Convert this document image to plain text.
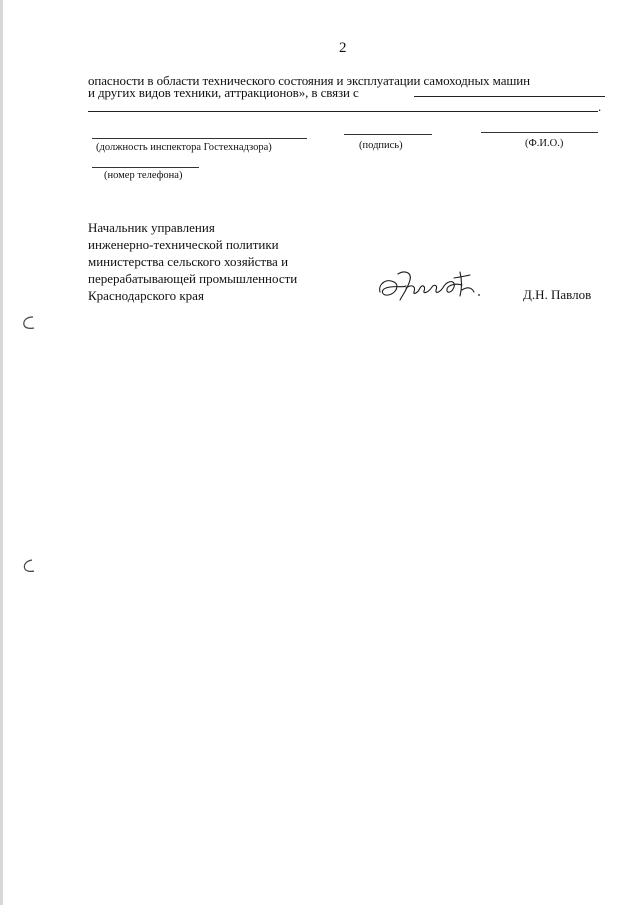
2
опасности в области технического состояния и эксплуатации самоходных машин
и других видов техники, аттракционов», в связи с
.
(должность инспектора Гостехнадзора)	(подпись)	(Ф.И.О.)
(номер телефона)
Начальник управления
инженерно-технической политики
министерства сельского хозяйства и
перерабатывающей промышленности
Краснодарского края	Д.Н. Павлов
